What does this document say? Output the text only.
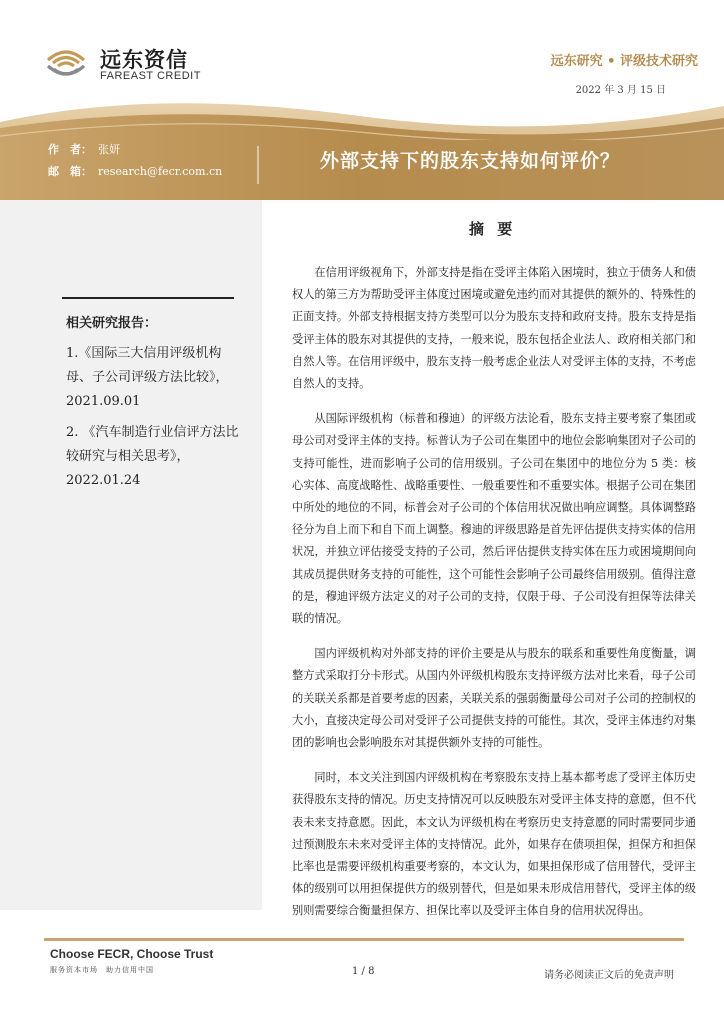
远东资信
FAREAST CREDIT
远东研究 • 评级技术研究
2022 年 3 月 15 日
作　者： 张妍
邮　箱： research@fecr.com.cn	外部支持下的股东支持如何评价？
相关研究报告：
1.《国际三大信用评级机构母、子公司评级方法比较》，2021.09.01
2. 《汽车制造行业信评方法比较研究与相关思考》，2022.01.24
摘 要

在信用评级视角下，外部支持是指在受评主体陷入困境时，独立于债务人和债权人的第三方为帮助受评主体度过困境或避免违约而对其提供的额外的、特殊性的正面支持。外部支持根据支持方类型可以分为股东支持和政府支持。股东支持是指受评主体的股东对其提供的支持，一般来说，股东包括企业法人、政府相关部门和自然人等。在信用评级中，股东支持一般考虑企业法人对受评主体的支持，不考虑自然人的支持。

从国际评级机构（标普和穆迪）的评级方法论看，股东支持主要考察了集团或母公司对受评主体的支持。标普认为子公司在集团中的地位会影响集团对子公司的支持可能性，进而影响子公司的信用级别。子公司在集团中的地位分为 5 类：核心实体、高度战略性、战略重要性、一般重要性和不重要实体。根据子公司在集团中所处的地位的不同，标普会对子公司的个体信用状况做出响应调整。具体调整路径分为自上而下和自下而上调整。穆迪的评级思路是首先评估提供支持实体的信用状况，并独立评估接受支持的子公司，然后评估提供支持实体在压力或困境期间向其成员提供财务支持的可能性，这个可能性会影响子公司最终信用级别。值得注意的是，穆迪评级方法定义的对子公司的支持，仅限于母、子公司没有担保等法律关联的情况。

国内评级机构对外部支持的评价主要是从与股东的联系和重要性角度衡量，调整方式采取打分卡形式。从国内外评级机构股东支持评级方法对比来看，母子公司的关联关系都是首要考虑的因素，关联关系的强弱衡量母公司对子公司的控制权的大小，直接决定母公司对受评子公司提供支持的可能性。其次，受评主体违约对集团的影响也会影响股东对其提供额外支持的可能性。

同时，本文关注到国内评级机构在考察股东支持上基本都考虑了受评主体历史获得股东支持的情况。历史支持情况可以反映股东对受评主体支持的意愿，但不代表未来支持意愿。因此，本文认为评级机构在考察历史支持意愿的同时需要同步通过预测股东未来对受评主体的支持情况。此外，如果存在债项担保，担保方和担保比率也是需要评级机构重要考察的，本文认为，如果担保形成了信用替代，受评主体的级别可以用担保提供方的级别替代，但是如果未形成信用替代，受评主体的级别则需要综合衡量担保方、担保比率以及受评主体自身的信用状况得出。

Choose FECR, Choose Trust
服务资本市场　助力信用中国	1 / 8	请务必阅读正文后的免责声明
